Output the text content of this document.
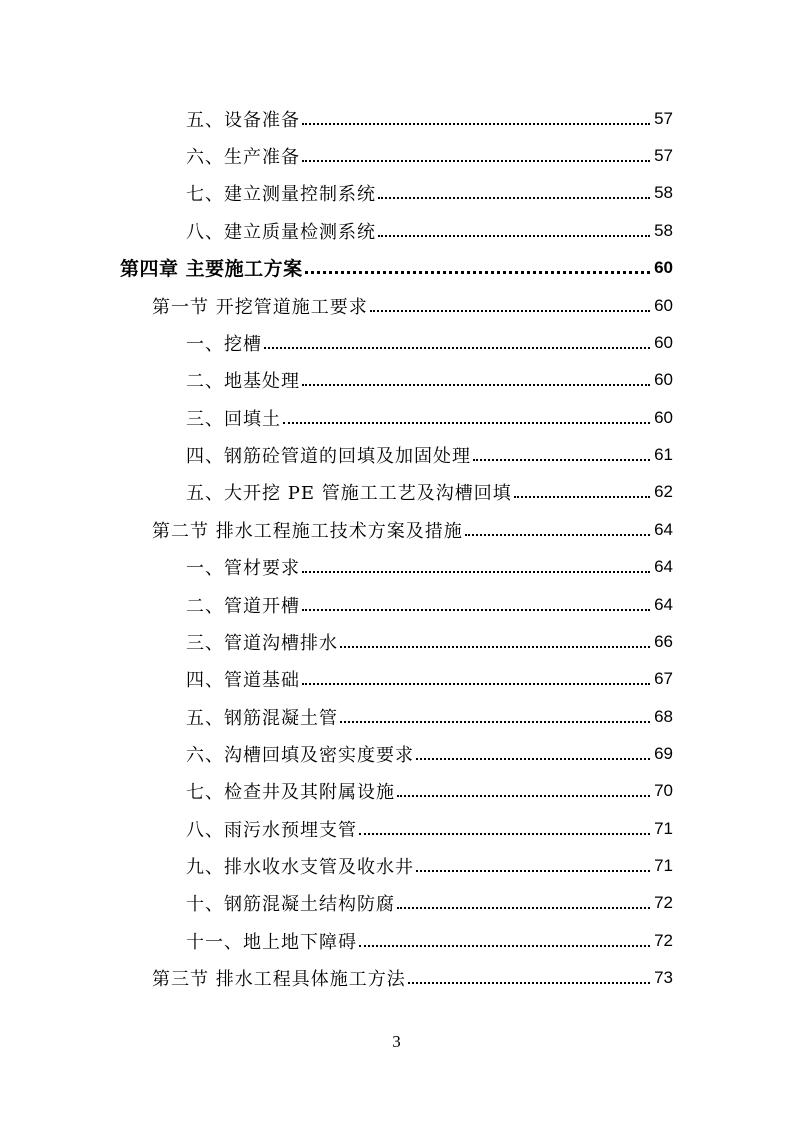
五、设备准备	57
六、生产准备	57
七、建立测量控制系统	58
八、建立质量检测系统	58
第四章 主要施工方案	60
第一节 开挖管道施工要求	60
一、挖槽	60
二、地基处理	60
三、回填土	60
四、钢筋砼管道的回填及加固处理	61
五、大开挖 PE 管施工工艺及沟槽回填	62
第二节 排水工程施工技术方案及措施	64
一、管材要求	64
二、管道开槽	64
三、管道沟槽排水	66
四、管道基础	67
五、钢筋混凝土管	68
六、沟槽回填及密实度要求	69
七、检查井及其附属设施	70
八、雨污水预埋支管	71
九、排水收水支管及收水井	71
十、钢筋混凝土结构防腐	72
十一、地上地下障碍	72
第三节 排水工程具体施工方法	73
3
